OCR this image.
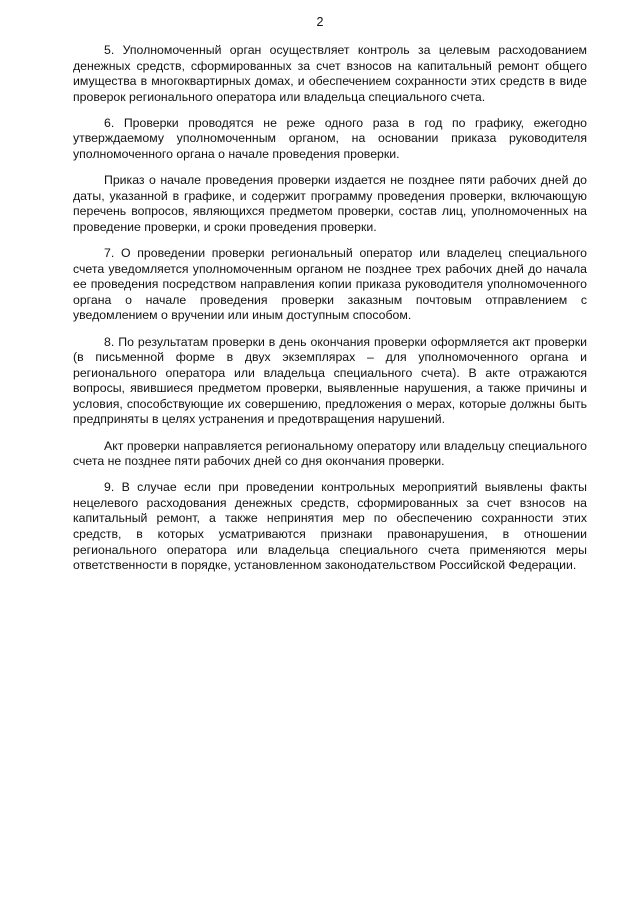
2

5. Уполномоченный орган осуществляет контроль за целевым расходованием денежных средств, сформированных за счет взносов на капитальный ремонт общего имущества в многоквартирных домах, и обеспечением сохранности этих средств в виде проверок регионального оператора или владельца специального счета.

6. Проверки проводятся не реже одного раза в год по графику, ежегодно утверждаемому уполномоченным органом, на основании приказа руководителя уполномоченного органа о начале проведения проверки.

Приказ о начале проведения проверки издается не позднее пяти рабочих дней до даты, указанной в графике, и содержит программу проведения проверки, включающую перечень вопросов, являющихся предметом проверки, состав лиц, уполномоченных на проведение проверки, и сроки проведения проверки.

7. О проведении проверки региональный оператор или владелец специального счета уведомляется уполномоченным органом не позднее трех рабочих дней до начала ее проведения посредством направления копии приказа руководителя уполномоченного органа о начале проведения проверки заказным почтовым отправлением с уведомлением о вручении или иным доступным способом.

8. По результатам проверки в день окончания проверки оформляется акт проверки (в письменной форме в двух экземплярах – для уполномоченного органа и регионального оператора или владельца специального счета). В акте отражаются вопросы, явившиеся предметом проверки, выявленные нарушения, а также причины и условия, способствующие их совершению, предложения о мерах, которые должны быть предприняты в целях устранения и предотвращения нарушений.

Акт проверки направляется региональному оператору или владельцу специального счета не позднее пяти рабочих дней со дня окончания проверки.

9. В случае если при проведении контрольных мероприятий выявлены факты нецелевого расходования денежных средств, сформированных за счет взносов на капитальный ремонт, а также непринятия мер по обеспечению сохранности этих средств, в которых усматриваются признаки правонарушения, в отношении регионального оператора или владельца специального счета применяются меры ответственности в порядке, установленном законодательством Российской Федерации.
